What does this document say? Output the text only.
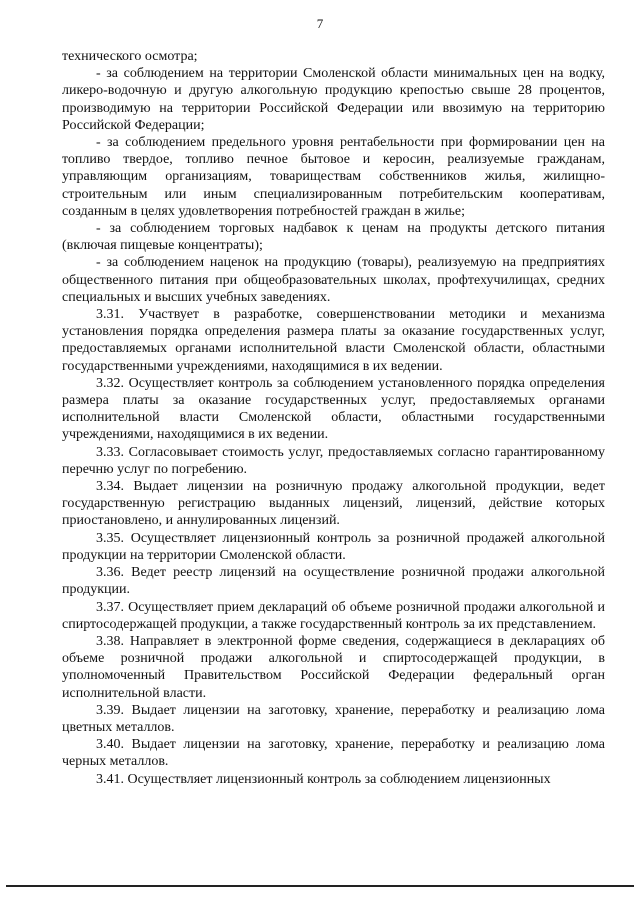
7

технического осмотра;

- за соблюдением на территории Смоленской области минимальных цен на водку, ликеро-водочную и другую алкогольную продукцию крепостью свыше 28 процентов, производимую на территории Российской Федерации или ввозимую на территорию Российской Федерации;

- за соблюдением предельного уровня рентабельности при формировании цен на топливо твердое, топливо печное бытовое и керосин, реализуемые гражданам, управляющим организациям, товариществам собственников жилья, жилищно-строительным или иным специализированным потребительским кооперативам, созданным в целях удовлетворения потребностей граждан в жилье;

- за соблюдением торговых надбавок к ценам на продукты детского питания (включая пищевые концентраты);

- за соблюдением наценок на продукцию (товары), реализуемую на предприятиях общественного питания при общеобразовательных школах, профтехучилищах, средних специальных и высших учебных заведениях.

3.31. Участвует в разработке, совершенствовании методики и механизма установления порядка определения размера платы за оказание государственных услуг, предоставляемых органами исполнительной власти Смоленской области, областными государственными учреждениями, находящимися в их ведении.

3.32. Осуществляет контроль за соблюдением установленного порядка определения размера платы за оказание государственных услуг, предоставляемых органами исполнительной власти Смоленской области, областными государственными учреждениями, находящимися в их ведении.

3.33. Согласовывает стоимость услуг, предоставляемых согласно гарантированному перечню услуг по погребению.

3.34. Выдает лицензии на розничную продажу алкогольной продукции, ведет государственную регистрацию выданных лицензий, лицензий, действие которых приостановлено, и аннулированных лицензий.

3.35. Осуществляет лицензионный контроль за розничной продажей алкогольной продукции на территории Смоленской области.

3.36. Ведет реестр лицензий на осуществление розничной продажи алкогольной продукции.

3.37. Осуществляет прием деклараций об объеме розничной продажи алкогольной и спиртосодержащей продукции, а также государственный контроль за их представлением.

3.38. Направляет в электронной форме сведения, содержащиеся в декларациях об объеме розничной продажи алкогольной и спиртосодержащей продукции, в уполномоченный Правительством Российской Федерации федеральный орган исполнительной власти.

3.39. Выдает лицензии на заготовку, хранение, переработку и реализацию лома цветных металлов.

3.40. Выдает лицензии на заготовку, хранение, переработку и реализацию лома черных металлов.

3.41. Осуществляет лицензионный контроль за соблюдением лицензионных
